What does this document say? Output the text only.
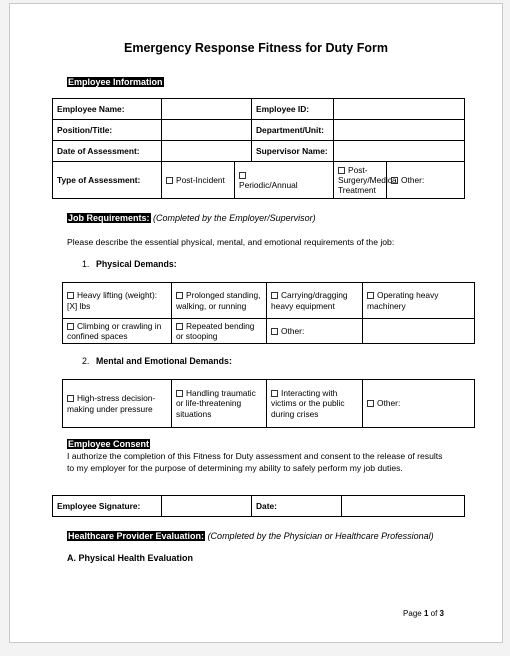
Emergency Response Fitness for Duty Form
Employee Information
Employee Name:			Employee ID:		
Position/Title:			Department/Unit:		
Date of Assessment:			Supervisor Name:		
Type of Assessment:	Post-Incident	Periodic/Annual		Post-Surgery/Medical Treatment	Other:
Job Requirements: (Completed by the Employer/Supervisor)
Please describe the essential physical, mental, and emotional requirements of the job:
1. Physical Demands:
Heavy lifting (weight): [X] lbs	Prolonged standing, walking, or running	Carrying/dragging heavy equipment	Operating heavy machinery
Climbing or crawling in confined spaces	Repeated bending or stooping	Other:	
2. Mental and Emotional Demands:
High-stress decision-making under pressure	Handling traumatic or life-threatening situations	Interacting with victims or the public during crises	Other:
Employee Consent
I authorize the completion of this Fitness for Duty assessment and consent to the release of results to my employer for the purpose of determining my ability to safely perform my job duties.
Employee Signature:		Date:	
Healthcare Provider Evaluation: (Completed by the Physician or Healthcare Professional)
A. Physical Health Evaluation
Page 1 of 3
